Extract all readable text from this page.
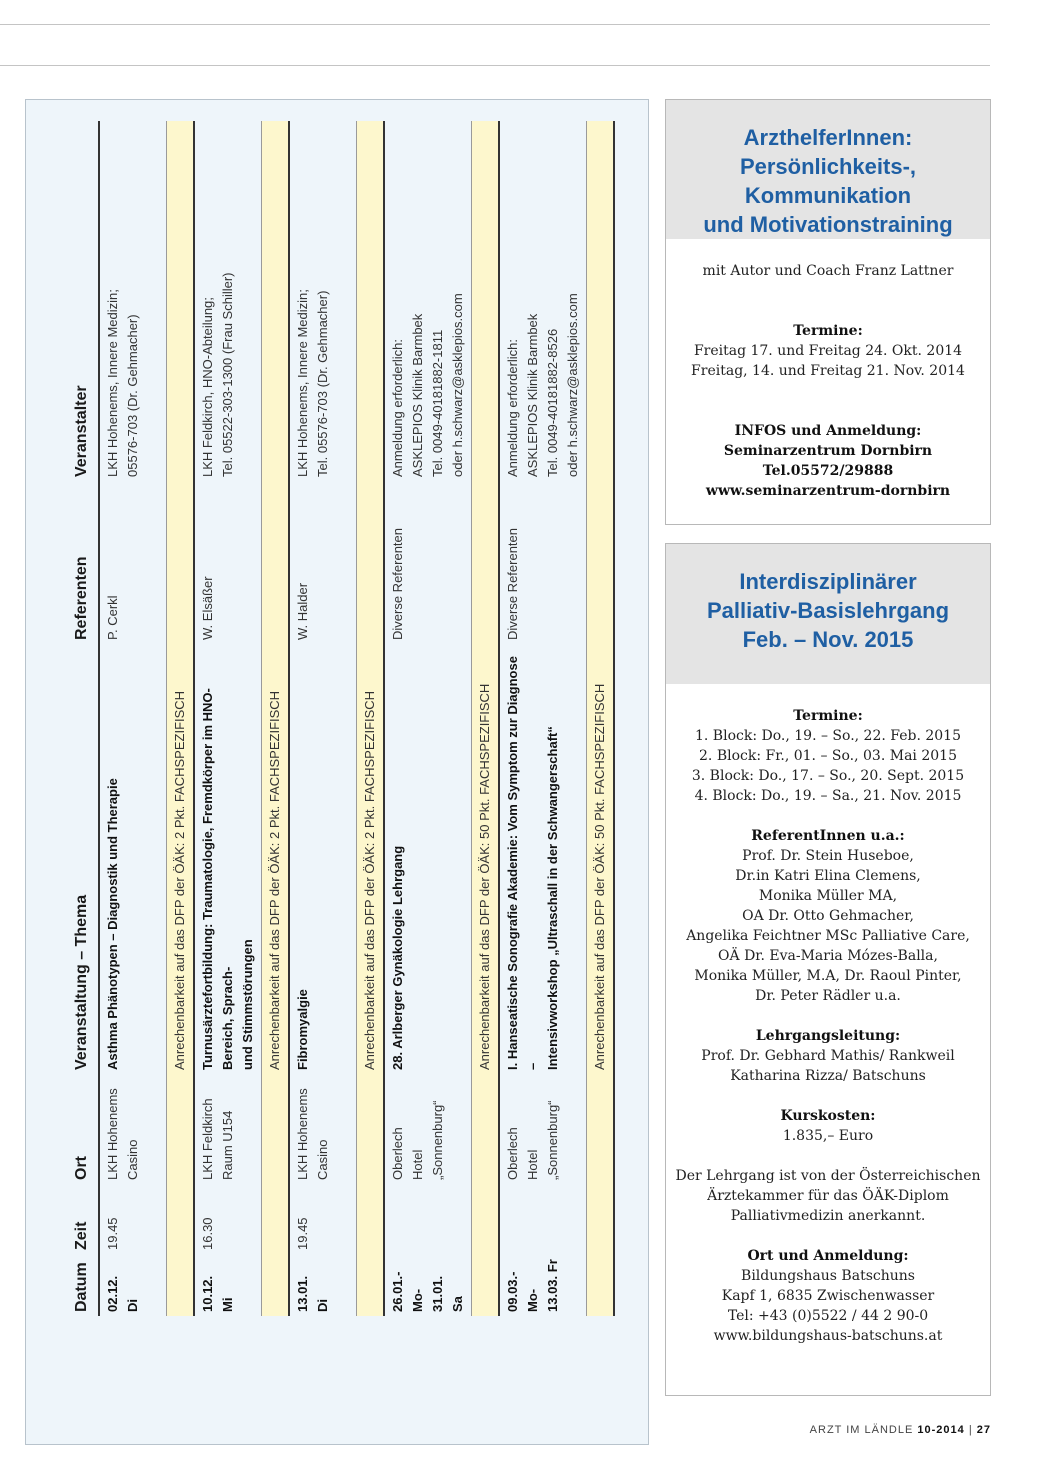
Datum	Zeit	Ort	Veranstaltung – Thema	Referenten	Veranstalter
02.12. Di	19.45	LKH Hohenems Casino	Asthma Phänotypen – Diagnostik und Therapie	P. Cerkl	LKH Hohenems, Innere Medizin; 05576-703 (Dr. Gehmacher)

			Anrechenbarkeit auf das DFP der ÖÄK: 2 Pkt. FACHSPEZIFISCH		
10.12. Mi	16.30	LKH Feldkirch Raum U154	Turnusärztefortbildung: Traumatologie, Fremdkörper im HNO-Bereich, Sprach- und Stimmstörungen	W. Elsäßer	LKH Feldkirch, HNO-Abteilung; Tel. 05522-303-1300 (Frau Schiller)

			Anrechenbarkeit auf das DFP der ÖÄK: 2 Pkt. FACHSPEZIFISCH		
13.01. Di	19.45	LKH Hohenems Casino	Fibromyalgie	W. Halder	LKH Hohenems, Innere Medizin; Tel. 05576-703 (Dr. Gehmacher)

			Anrechenbarkeit auf das DFP der ÖÄK: 2 Pkt. FACHSPEZIFISCH		
26.01.- Mo- 31.01. Sa		Oberlech Hotel „Sonnenburg“	28. Arlberger Gynäkologie Lehrgang	Diverse Referenten	Anmeldung erforderlich: ASKLEPIOS Klinik Barmbek Tel. 0049-40181882-1811 oder h.schwarz@asklepios.com
			Anrechenbarkeit auf das DFP der ÖÄK: 50 Pkt. FACHSPEZIFISCH		
09.03.- Mo- 13.03. Fr		Oberlech Hotel „Sonnenburg“	I. Hanseatische Sonografie Akademie: Vom Symptom zur Diagnose – Intensivworkshop „Ultraschall in der Schwangerschaft“	Diverse Referenten	Anmeldung erforderlich: ASKLEPIOS Klinik Barmbek Tel. 0049-40181882-8526 oder h.schwarz@asklepios.com
			Anrechenbarkeit auf das DFP der ÖÄK: 50 Pkt. FACHSPEZIFISCH		
ArzthelferInnen:
Persönlichkeits-, Kommunikation
und Motivationstraining

mit Autor und Coach Franz Lattner

Termine:

Freitag 17. und Freitag 24. Okt. 2014

Freitag, 14. und Freitag 21. Nov. 2014

INFOS und Anmeldung:

Seminarzentrum Dornbirn

Tel.05572/29888

www.seminarzentrum-dornbirn

Interdisziplinärer
Palliativ-Basislehrgang
Feb. – Nov. 2015

Termine:

1. Block: Do., 19. – So., 22. Feb. 2015

2. Block: Fr., 01. – So., 03. Mai 2015

3. Block: Do., 17. – So., 20. Sept. 2015

4. Block: Do., 19. – Sa., 21. Nov. 2015

ReferentInnen u.a.:

Prof. Dr. Stein Huseboe,

Dr.in Katri Elina Clemens,

Monika Müller MA,

OA Dr. Otto Gehmacher,

Angelika Feichtner MSc Palliative Care,

OÄ Dr. Eva-Maria Mózes-Balla,

Monika Müller, M.A, Dr. Raoul Pinter,

Dr. Peter Rädler u.a.

Lehrgangsleitung:

Prof. Dr. Gebhard Mathis/ Rankweil

Katharina Rizza/ Batschuns

Kurskosten:

1.835,– Euro

Der Lehrgang ist von der Österreichischen

Ärztekammer für das ÖÄK-Diplom

Palliativmedizin anerkannt.

Ort und Anmeldung:

Bildungshaus Batschuns

Kapf 1, 6835 Zwischenwasser

Tel: +43 (0)5522 / 44 2 90-0

www.bildungshaus-batschuns.at

ARZT IM LÄNDLE 10-2014 | 27
